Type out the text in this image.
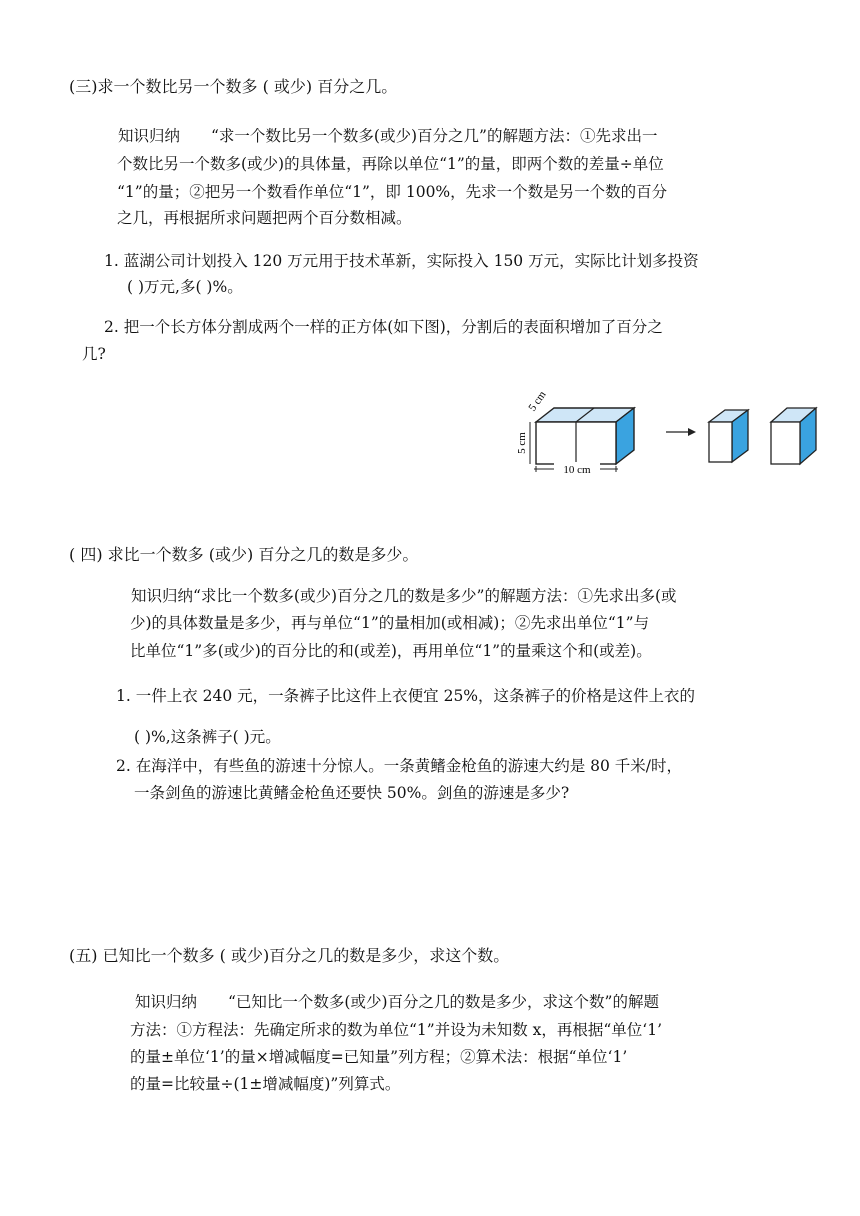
(三)求一个数比另一个数多 ( 或少) 百分之几。
知识归纳　　“求一个数比另一个数多(或少)百分之几”的解题方法：①先求出一
个数比另一个数多(或少)的具体量，再除以单位“1”的量，即两个数的差量÷单位
“1”的量；②把另一个数看作单位“1”，即 100%，先求一个数是另一个数的百分
之几，再根据所求问题把两个百分数相减。
1. 蓝湖公司计划投入 120 万元用于技术革新，实际投入 150 万元，实际比计划多投资
( )万元,多( )%。
2. 把一个长方体分割成两个一样的正方体(如下图)，分割后的表面积增加了百分之
几?
10 cm
5 cm
5 cm
( 四) 求比一个数多 (或少) 百分之几的数是多少。
知识归纳“求比一个数多(或少)百分之几的数是多少”的解题方法：①先求出多(或
少)的具体数量是多少，再与单位“1”的量相加(或相减)；②先求出单位“1”与
比单位“1”多(或少)的百分比的和(或差)，再用单位“1”的量乘这个和(或差)。
1. 一件上衣 240 元，一条裤子比这件上衣便宜 25%，这条裤子的价格是这件上衣的
( )%,这条裤子( )元。
2. 在海洋中，有些鱼的游速十分惊人。一条黄鳍金枪鱼的游速大约是 80 千米/时，
一条剑鱼的游速比黄鳍金枪鱼还要快 50%。剑鱼的游速是多少?
(五) 已知比一个数多 ( 或少)百分之几的数是多少，求这个数。
知识归纳　　“已知比一个数多(或少)百分之几的数是多少，求这个数”的解题
方法：①方程法：先确定所求的数为单位“1”并设为未知数 x，再根据“单位‘1’
的量±单位‘1’的量×增减幅度=已知量”列方程；②算术法：根据“单位‘1’
的量=比较量÷(1±增减幅度)”列算式。
